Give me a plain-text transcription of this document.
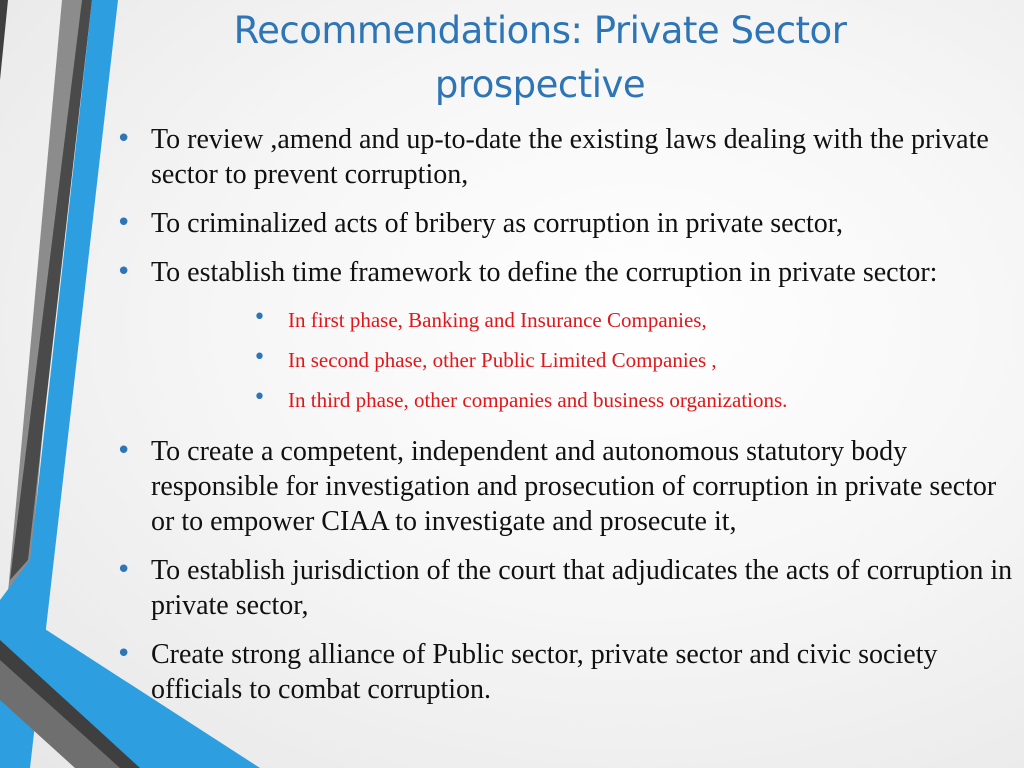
Recommendations: Private Sector
prospective
• To review ,amend and up-to-date the existing laws dealing with the private sector to prevent corruption,
• To criminalized acts of bribery as corruption in private sector,
• To establish time framework to define the corruption in private sector:
• In first phase, Banking and Insurance Companies,
• In second phase, other Public Limited Companies ,
• In third phase, other companies and business organizations.
• To create a competent, independent and autonomous statutory body responsible for investigation and prosecution of corruption in private sector or to empower CIAA to investigate and prosecute it,
• To establish jurisdiction of the court that adjudicates the acts of corruption in private sector,
• Create strong alliance of Public sector, private sector and civic society officials to combat corruption.
